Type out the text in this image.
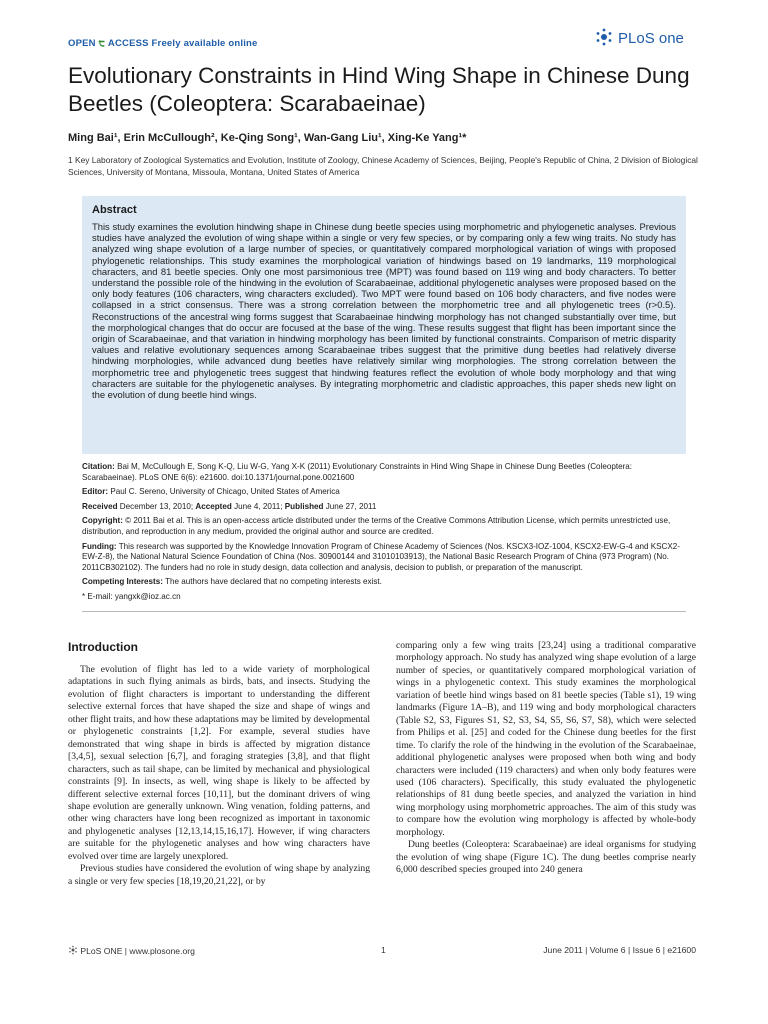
OPEN ੮ ACCESS Freely available online	PLoS one
Evolutionary Constraints in Hind Wing Shape in Chinese Dung Beetles (Coleoptera: Scarabaeinae)
Ming Bai¹, Erin McCullough², Ke-Qing Song¹, Wan-Gang Liu¹, Xing-Ke Yang¹*
1 Key Laboratory of Zoological Systematics and Evolution, Institute of Zoology, Chinese Academy of Sciences, Beijing, People's Republic of China, 2 Division of Biological Sciences, University of Montana, Missoula, Montana, United States of America
Abstract

This study examines the evolution hindwing shape in Chinese dung beetle species using morphometric and phylogenetic analyses. Previous studies have analyzed the evolution of wing shape within a single or very few species, or by comparing only a few wing traits. No study has analyzed wing shape evolution of a large number of species, or quantitatively compared morphological variation of wings with proposed phylogenetic relationships. This study examines the morphological variation of hindwings based on 19 landmarks, 119 morphological characters, and 81 beetle species. Only one most parsimonious tree (MPT) was found based on 119 wing and body characters. To better understand the possible role of the hindwing in the evolution of Scarabaeinae, additional phylogenetic analyses were proposed based on the only body features (106 characters, wing characters excluded). Two MPT were found based on 106 body characters, and five nodes were collapsed in a strict consensus. There was a strong correlation between the morphometric tree and all phylogenetic trees (r>0.5). Reconstructions of the ancestral wing forms suggest that Scarabaeinae hindwing morphology has not changed substantially over time, but the morphological changes that do occur are focused at the base of the wing. These results suggest that flight has been important since the origin of Scarabaeinae, and that variation in hindwing morphology has been limited by functional constraints. Comparison of metric disparity values and relative evolutionary sequences among Scarabaeinae tribes suggest that the primitive dung beetles had relatively diverse hindwing morphologies, while advanced dung beetles have relatively similar wing morphologies. The strong correlation between the morphometric tree and phylogenetic trees suggest that hindwing features reflect the evolution of whole body morphology and that wing characters are suitable for the phylogenetic analyses. By integrating morphometric and cladistic approaches, this paper sheds new light on the evolution of dung beetle hind wings.

Citation: Bai M, McCullough E, Song K-Q, Liu W-G, Yang X-K (2011) Evolutionary Constraints in Hind Wing Shape in Chinese Dung Beetles (Coleoptera: Scarabaeinae). PLoS ONE 6(6): e21600. doi:10.1371/journal.pone.0021600

Editor: Paul C. Sereno, University of Chicago, United States of America

Received December 13, 2010; Accepted June 4, 2011; Published June 27, 2011

Copyright: © 2011 Bai et al. This is an open-access article distributed under the terms of the Creative Commons Attribution License, which permits unrestricted use, distribution, and reproduction in any medium, provided the original author and source are credited.

Funding: This research was supported by the Knowledge Innovation Program of Chinese Academy of Sciences (Nos. KSCX3-IOZ-1004, KSCX2-EW-G-4 and KSCX2-EW-Z-8), the National Natural Science Foundation of China (Nos. 30900144 and 31010103913), the National Basic Research Program of China (973 Program) (No. 2011CB302102). The funders had no role in study design, data collection and analysis, decision to publish, or preparation of the manuscript.

Competing Interests: The authors have declared that no competing interests exist.

* E-mail: yangxk@ioz.ac.cn

Introduction

The evolution of flight has led to a wide variety of morphological adaptations in such flying animals as birds, bats, and insects. Studying the evolution of flight characters is important to understanding the different selective external forces that have shaped the size and shape of wings and other flight traits, and how these adaptations may be limited by developmental or phylogenetic constraints [1,2]. For example, several studies have demonstrated that wing shape in birds is affected by migration distance [3,4,5], sexual selection [6,7], and foraging strategies [3,8], and that flight characters, such as tail shape, can be limited by mechanical and physiological constraints [9]. In insects, as well, wing shape is likely to be affected by different selective external forces [10,11], but the dominant drivers of wing shape evolution are generally unknown. Wing venation, folding patterns, and other wing characters have long been recognized as important in taxonomic and phylogenetic analyses [12,13,14,15,16,17]. However, if wing characters are suitable for the phylogenetic analyses and how wing characters have evolved over time are largely unexplored.

Previous studies have considered the evolution of wing shape by analyzing a single or very few species [18,19,20,21,22], or by

comparing only a few wing traits [23,24] using a traditional comparative morphology approach. No study has analyzed wing shape evolution of a large number of species, or quantitatively compared morphological variation of wings in a phylogenetic context. This study examines the morphological variation of beetle hind wings based on 81 beetle species (Table s1), 19 wing landmarks (Figure 1A–B), and 119 wing and body morphological characters (Table S2, S3, Figures S1, S2, S3, S4, S5, S6, S7, S8), which were selected from Philips et al. [25] and coded for the Chinese dung beetles for the first time. To clarify the role of the hindwing in the evolution of the Scarabaeinae, additional phylogenetic analyses were proposed when both wing and body characters were included (119 characters) and when only body features were used (106 characters). Specifically, this study evaluated the phylogenetic relationships of 81 dung beetle species, and analyzed the variation in hind wing morphology using morphometric approaches. The aim of this study was to compare how the evolution wing morphology is affected by whole-body morphology.

Dung beetles (Coleoptera: Scarabaeinae) are ideal organisms for studying the evolution of wing shape (Figure 1C). The dung beetles comprise nearly 6,000 described species grouped into 240 genera

PLoS ONE | www.plosone.org	1	June 2011 | Volume 6 | Issue 6 | e21600
